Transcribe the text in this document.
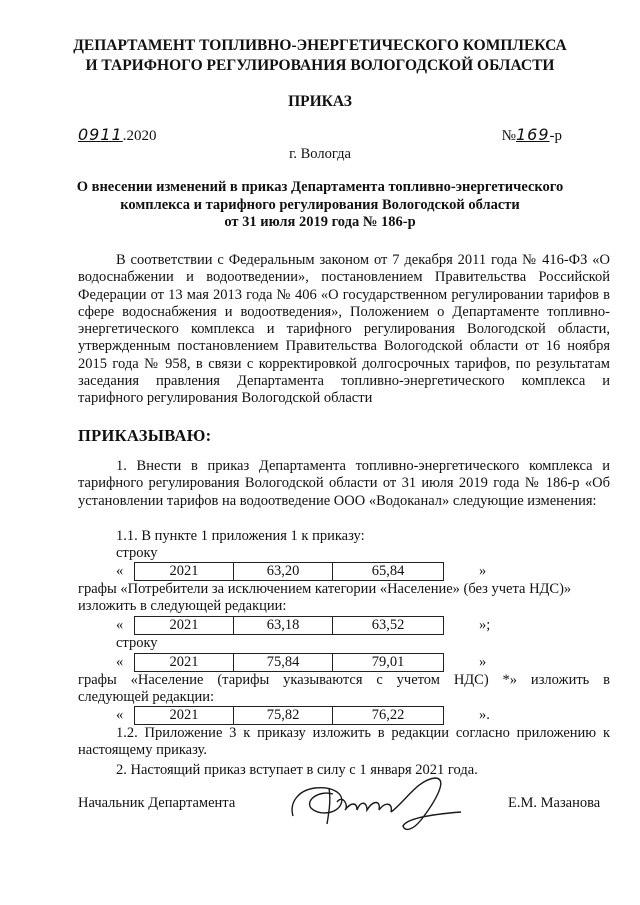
ДЕПАРТАМЕНТ ТОПЛИВНО-ЭНЕРГЕТИЧЕСКОГО КОМПЛЕКСА
И ТАРИФНОГО РЕГУЛИРОВАНИЯ ВОЛОГОДСКОЙ ОБЛАСТИ
ПРИКАЗ
0911.2020	№169-р
г. Вологда
О внесении изменений в приказ Департамента топливно-энергетического
комплекса и тарифного регулирования Вологодской области
от 31 июля 2019 года № 186-р
В соответствии с Федеральным законом от 7 декабря 2011 года № 416-ФЗ «О водоснабжении и водоотведении», постановлением Правительства Российской Федерации от 13 мая 2013 года № 406 «О государственном регулировании тарифов в сфере водоснабжения и водоотведения», Положением о Департаменте топливно-энергетического комплекса и тарифного регулирования Вологодской области, утвержденным постановлением Правительства Вологодской области от 16 ноября 2015 года № 958, в связи с корректировкой долгосрочных тарифов, по результатам заседания правления Департамента топливно-энергетического комплекса и тарифного регулирования Вологодской области
ПРИКАЗЫВАЮ:
1. Внести в приказ Департамента топливно-энергетического комплекса и тарифного регулирования Вологодской области от 31 июля 2019 года № 186-р «Об установлении тарифов на водоотведение ООО «Водоканал» следующие изменения:
1.1. В пункте 1 приложения 1 к приказу:
строку
«	2021	63,20	65,84	»
графы «Потребители за исключением категории «Население» (без учета НДС)»
изложить в следующей редакции:
«	2021	63,18	63,52	»;
строку
«	2021	75,84	79,01	»
графы «Население (тарифы указываются с учетом НДС) *» изложить в
следующей редакции:
«	2021	75,82	76,22	».
1.2. Приложение 3 к приказу изложить в редакции согласно приложению к настоящему приказу.
2. Настоящий приказ вступает в силу с 1 января 2021 года.
Начальник Департамента	Е.М. Мазанова
